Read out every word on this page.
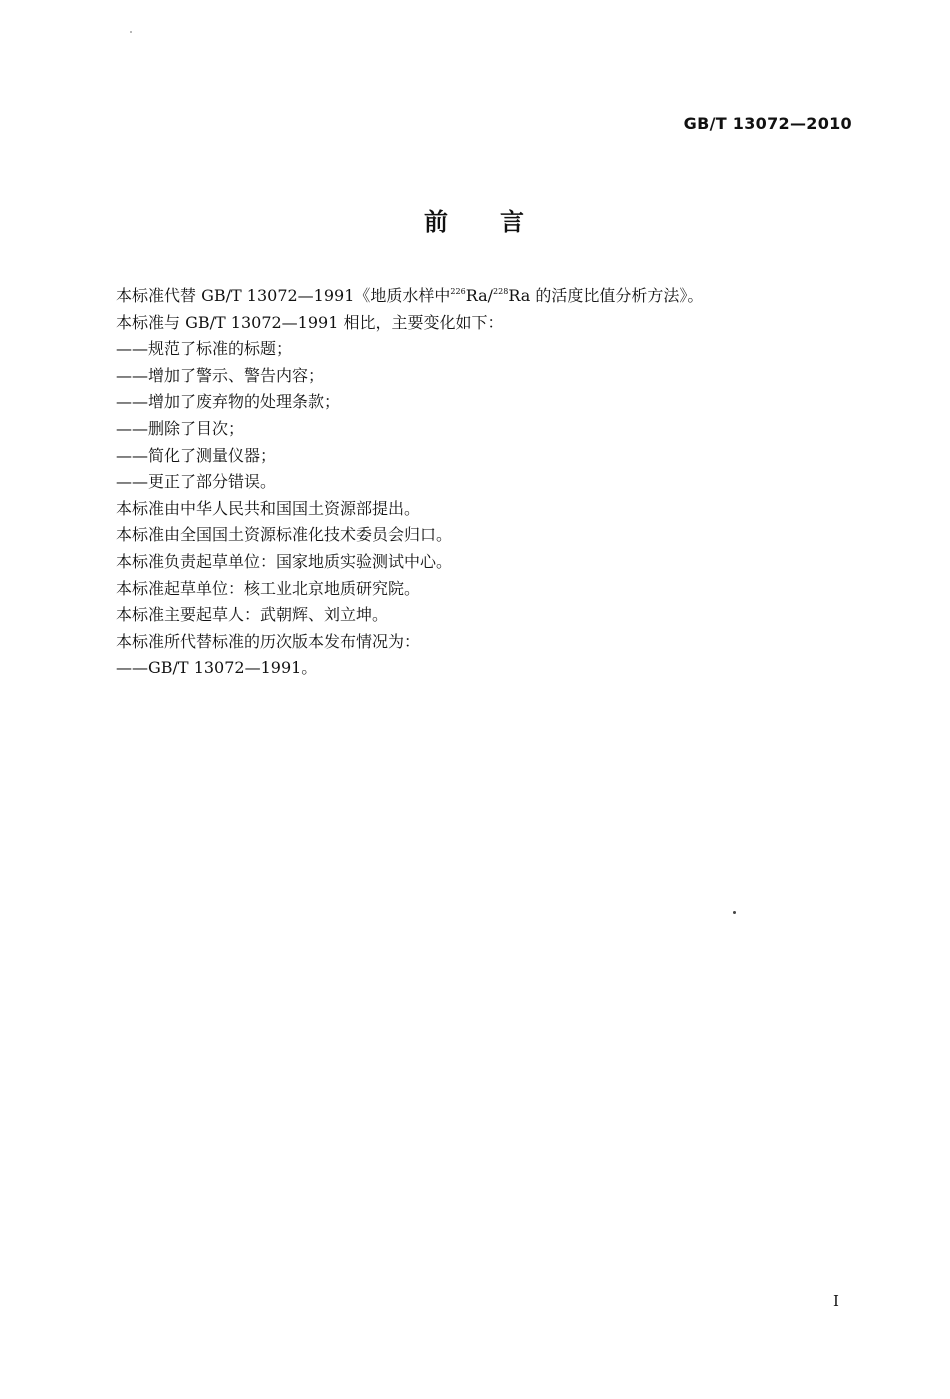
GB/T 13072—2010
前 言
本标准代替 GB/T 13072—1991《地质水样中$^{226}$Ra/$^{228}$Ra 的活度比值分析方法》。
本标准与 GB/T 13072—1991 相比，主要变化如下：
—— 规范了标准的标题；
—— 增加了警示、警告内容；
—— 增加了废弃物的处理条款；
—— 删除了目次；
—— 简化了测量仪器；
—— 更正了部分错误。
本标准由中华人民共和国国土资源部提出。
本标准由全国国土资源标准化技术委员会归口。
本标准负责起草单位：国家地质实验测试中心。
本标准起草单位：核工业北京地质研究院。
本标准主要起草人：武朝辉、刘立坤。
本标准所代替标准的历次版本发布情况为：
—— GB/T 13072—1991。
I
